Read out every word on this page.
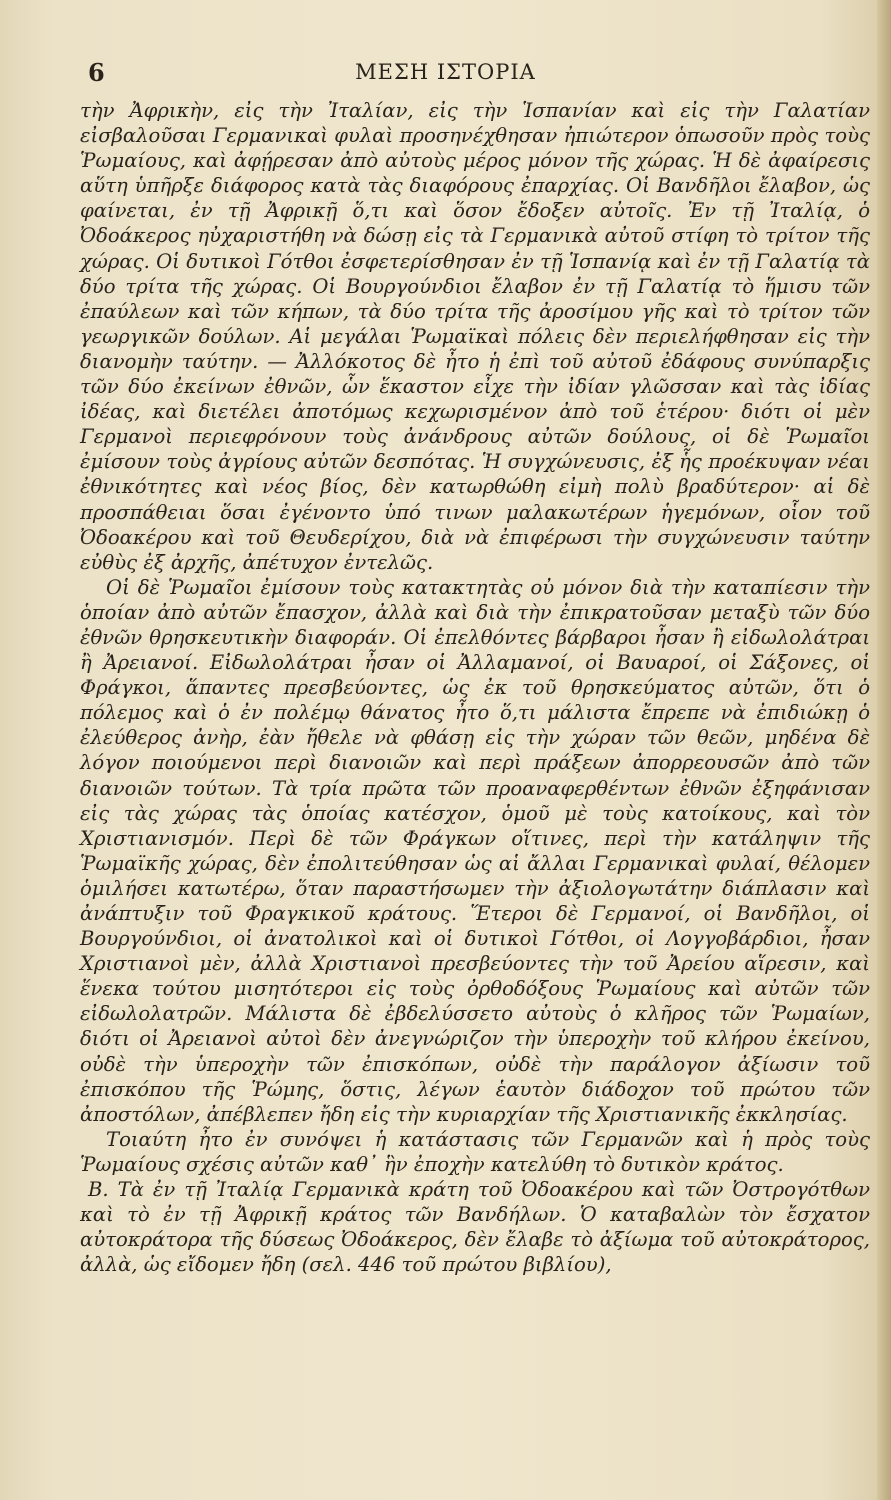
6	ΜΕΣΗ ΙΣΤΟΡΙΑ

τὴν Ἀφρικὴν, εἰς τὴν Ἰταλίαν, εἰς τὴν Ἱσπανίαν καὶ εἰς τὴν Γαλατίαν εἰσβαλοῦσαι Γερμανικαὶ φυλαὶ προσηνέχθησαν ἠπιώτερον ὁπωσοῦν πρὸς τοὺς Ῥωμαίους, καὶ ἀφῄρεσαν ἀπὸ αὐτοὺς μέρος μόνον τῆς χώρας. Ἡ δὲ ἀφαίρεσις αὕτη ὑπῆρξε διάφορος κατὰ τὰς διαφόρους ἐπαρχίας. Οἱ Βανδῆλοι ἔλαβον, ὡς φαίνεται, ἐν τῇ Ἀφρικῇ ὅ,τι καὶ ὅσον ἔδοξεν αὐτοῖς. Ἐν τῇ Ἰταλίᾳ, ὁ Ὀδοάκερος ηὐχαριστήθη νὰ δώσῃ εἰς τὰ Γερμανικὰ αὐτοῦ στίφη τὸ τρίτον τῆς χώρας. Οἱ δυτικοὶ Γότθοι ἐσφετερίσθησαν ἐν τῇ Ἱσπανίᾳ καὶ ἐν τῇ Γαλατίᾳ τὰ δύο τρίτα τῆς χώρας. Οἱ Βουργούνδιοι ἔλαβον ἐν τῇ Γαλατίᾳ τὸ ἥμισυ τῶν ἐπαύλεων καὶ τῶν κήπων, τὰ δύο τρίτα τῆς ἀροσίμου γῆς καὶ τὸ τρίτον τῶν γεωργικῶν δούλων. Αἱ μεγάλαι Ῥωμαϊκαὶ πόλεις δὲν περιελήφθησαν εἰς τὴν διανομὴν ταύτην. — Ἀλλόκοτος δὲ ἦτο ἡ ἐπὶ τοῦ αὐτοῦ ἐδάφους συνύπαρξις τῶν δύο ἐκείνων ἐθνῶν, ὧν ἕκαστον εἶχε τὴν ἰδίαν γλῶσσαν καὶ τὰς ἰδίας ἰδέας, καὶ διετέλει ἀποτόμως κεχωρισμένον ἀπὸ τοῦ ἑτέρου· διότι οἱ μὲν Γερμανοὶ περιεφρόνουν τοὺς ἀνάνδρους αὐτῶν δούλους, οἱ δὲ Ῥωμαῖοι ἐμίσουν τοὺς ἀγρίους αὐτῶν δεσπότας. Ἡ συγχώνευσις, ἐξ ἧς προέκυψαν νέαι ἐθνικότητες καὶ νέος βίος, δὲν κατωρθώθη εἰμὴ πολὺ βραδύτερον· αἱ δὲ προσπάθειαι ὅσαι ἐγένοντο ὑπό τινων μαλακωτέρων ἡγεμόνων, οἷον τοῦ Ὀδοακέρου καὶ τοῦ Θευδερίχου, διὰ νὰ ἐπιφέρωσι τὴν συγχώνευσιν ταύτην εὐθὺς ἐξ ἀρχῆς, ἀπέτυχον ἐντελῶς.

Οἱ δὲ Ῥωμαῖοι ἐμίσουν τοὺς κατακτητὰς οὐ μόνον διὰ τὴν καταπίεσιν τὴν ὁποίαν ἀπὸ αὐτῶν ἔπασχον, ἀλλὰ καὶ διὰ τὴν ἐπικρατοῦσαν μεταξὺ τῶν δύο ἐθνῶν θρησκευτικὴν διαφοράν. Οἱ ἐπελθόντες βάρβαροι ἦσαν ἢ εἰδωλολάτραι ἢ Ἀρειανοί. Εἰδωλολάτραι ἦσαν οἱ Ἀλλαμανοί, οἱ Βαυαροί, οἱ Σάξονες, οἱ Φράγκοι, ἅπαντες πρεσβεύοντες, ὡς ἐκ τοῦ θρησκεύματος αὐτῶν, ὅτι ὁ πόλεμος καὶ ὁ ἐν πολέμῳ θάνατος ἦτο ὅ,τι μάλιστα ἔπρεπε νὰ ἐπιδιώκῃ ὁ ἐλεύθερος ἀνὴρ, ἐὰν ἤθελε νὰ φθάσῃ εἰς τὴν χώραν τῶν θεῶν, μηδένα δὲ λόγον ποιούμενοι περὶ διανοιῶν καὶ περὶ πράξεων ἀπορρεουσῶν ἀπὸ τῶν διανοιῶν τούτων. Τὰ τρία πρῶτα τῶν προαναφερθέντων ἐθνῶν ἐξηφάνισαν εἰς τὰς χώρας τὰς ὁποίας κατέσχον, ὁμοῦ μὲ τοὺς κατοίκους, καὶ τὸν Χριστιανισμόν. Περὶ δὲ τῶν Φράγκων οἵτινες, περὶ τὴν κατάληψιν τῆς Ῥωμαϊκῆς χώρας, δὲν ἐπολιτεύθησαν ὡς αἱ ἄλλαι Γερμανικαὶ φυλαί, θέλομεν ὁμιλήσει κατωτέρω, ὅταν παραστήσωμεν τὴν ἀξιολογωτάτην διάπλασιν καὶ ἀνάπτυξιν τοῦ Φραγκικοῦ κράτους. Ἕτεροι δὲ Γερμανοί, οἱ Βανδῆλοι, οἱ Βουργούνδιοι, οἱ ἀνατολικοὶ καὶ οἱ δυτικοὶ Γότθοι, οἱ Λογγοβάρδιοι, ἦσαν Χριστιανοὶ μὲν, ἀλλὰ Χριστιανοὶ πρεσβεύοντες τὴν τοῦ Ἀρείου αἵρεσιν, καὶ ἕνεκα τούτου μισητότεροι εἰς τοὺς ὀρθοδόξους Ῥωμαίους καὶ αὐτῶν τῶν εἰδωλολατρῶν. Μάλιστα δὲ ἐβδελύσσετο αὐτοὺς ὁ κλῆρος τῶν Ῥωμαίων, διότι οἱ Ἀρειανοὶ αὐτοὶ δὲν ἀνεγνώριζον τὴν ὑπεροχὴν τοῦ κλήρου ἐκείνου, οὐδὲ τὴν ὑπεροχὴν τῶν ἐπισκόπων, οὐδὲ τὴν παράλογον ἀξίωσιν τοῦ ἐπισκόπου τῆς Ῥώμης, ὅστις, λέγων ἑαυτὸν διάδοχον τοῦ πρώτου τῶν ἀποστόλων, ἀπέβλεπεν ἤδη εἰς τὴν κυριαρχίαν τῆς Χριστιανικῆς ἐκκλησίας.

Τοιαύτη ἦτο ἐν συνόψει ἡ κατάστασις τῶν Γερμανῶν καὶ ἡ πρὸς τοὺς Ῥωμαίους σχέσις αὐτῶν καθ᾽ ἣν ἐποχὴν κατελύθη τὸ δυτικὸν κράτος.

Β. Τὰ ἐν τῇ Ἰταλίᾳ Γερμανικὰ κράτη τοῦ Ὀδοακέρου καὶ τῶν Ὀστρογότθων καὶ τὸ ἐν τῇ Ἀφρικῇ κράτος τῶν Βανδήλων. Ὁ καταβαλὼν τὸν ἔσχατον αὐτοκράτορα τῆς δύσεως Ὀδοάκερος, δὲν ἔλαβε τὸ ἀξίωμα τοῦ αὐτοκράτορος, ἀλλὰ, ὡς εἴδομεν ἤδη (σελ. 446 τοῦ πρώτου βιβλίου),
